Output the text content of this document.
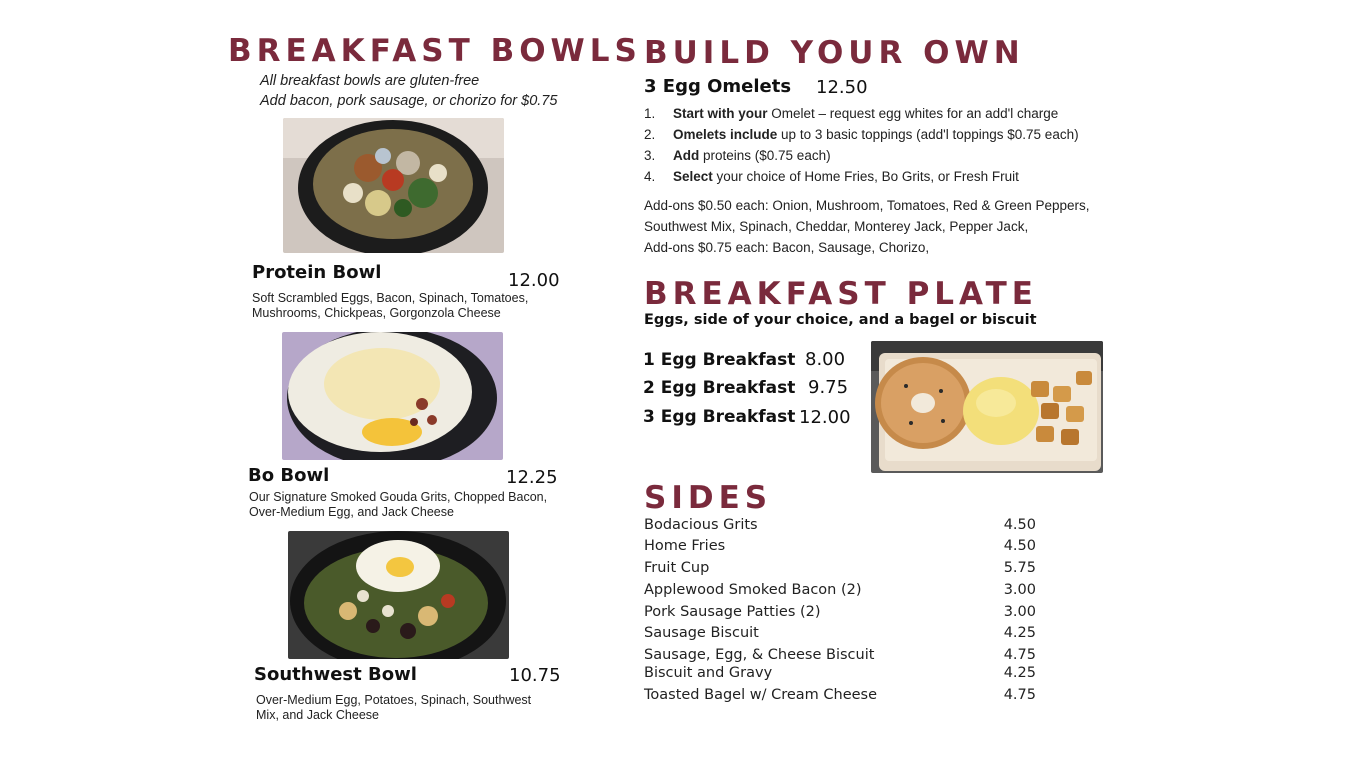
BREAKFAST BOWLS
All breakfast bowls are gluten-free
Add bacon, pork sausage, or chorizo for $0.75
Protein Bowl	12.00
Soft Scrambled Eggs, Bacon, Spinach, Tomatoes,
Mushrooms, Chickpeas, Gorgonzola Cheese
Bo Bowl	12.25
Our Signature Smoked Gouda Grits, Chopped Bacon,
Over-Medium Egg, and Jack Cheese
Southwest Bowl	10.75
Over-Medium Egg, Potatoes, Spinach, Southwest
Mix, and Jack Cheese
BUILD YOUR OWN
3 Egg Omelets 12.50
1. Start with your Omelet – request egg whites for an add'l charge
2. Omelets include up to 3 basic toppings (add'l toppings $0.75 each)
3. Add proteins ($0.75 each)
4. Select your choice of Home Fries, Bo Grits, or Fresh Fruit
Add-ons $0.50 each: Onion, Mushroom, Tomatoes, Red & Green Peppers,
Southwest Mix, Spinach, Cheddar, Monterey Jack, Pepper Jack,
Add-ons $0.75 each: Bacon, Sausage, Chorizo,
BREAKFAST PLATE
Eggs, side of your choice, and a bagel or biscuit
1 Egg Breakfast 8.00
2 Egg Breakfast 9.75
3 Egg Breakfast 12.00
SIDES
Bodacious Grits	4.50
Home Fries	4.50
Fruit Cup	5.75
Applewood Smoked Bacon (2)	3.00
Pork Sausage Patties (2)	3.00
Sausage Biscuit	4.25
Sausage, Egg, & Cheese Biscuit	4.75
Biscuit and Gravy	4.25
Toasted Bagel w/ Cream Cheese	4.75
